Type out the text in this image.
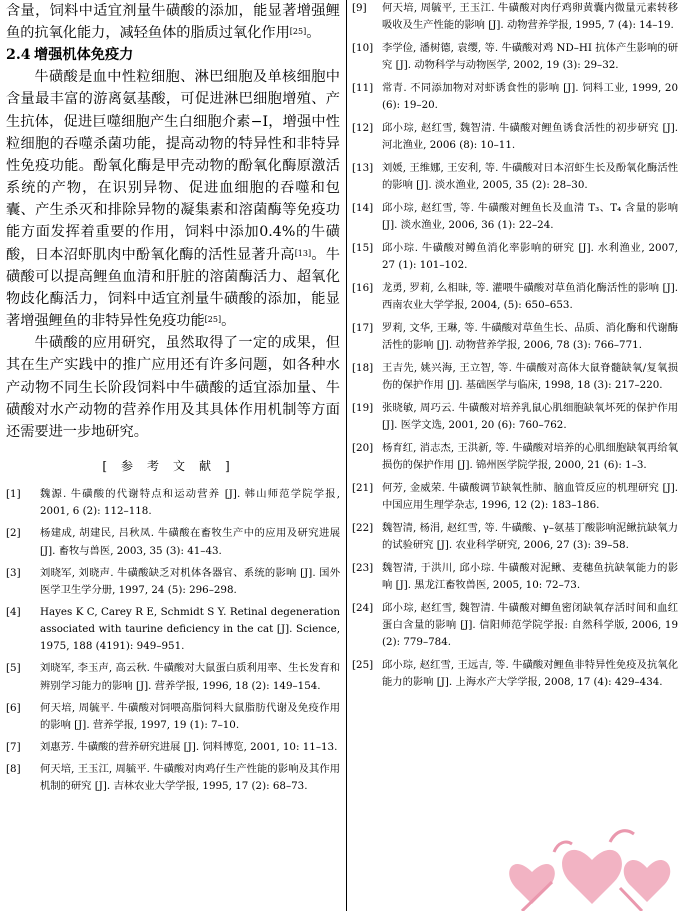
含量，饲料中适宜剂量牛磺酸的添加，能显著增强鲤鱼的抗氧化能力，减轻鱼体的脂质过氧化作用[25]。

2.4 增强机体免疫力

牛磺酸是血中性粒细胞、淋巴细胞及单核细胞中含量最丰富的游离氨基酸，可促进淋巴细胞增殖、产生抗体，促进巨噬细胞产生白细胞介素−I，增强中性粒细胞的吞噬杀菌功能，提高动物的特异性和非特异性免疫功能。酚氧化酶是甲壳动物的酚氧化酶原激活系统的产物，在识别异物、促进血细胞的吞噬和包囊、产生杀灭和排除异物的凝集素和溶菌酶等免疫功能方面发挥着重要的作用，饲料中添加0.4%的牛磺酸，日本沼虾肌肉中酚氧化酶的活性显著升高[13]。牛磺酸可以提高鲤鱼血清和肝脏的溶菌酶活力、超氧化物歧化酶活力，饲料中适宜剂量牛磺酸的添加，能显著增强鲤鱼的非特异性免疫功能[25]。

牛磺酸的应用研究，虽然取得了一定的成果，但其在生产实践中的推广应用还有许多问题，如各种水产动物不同生长阶段饲料中牛磺酸的适宜添加量、牛磺酸对水产动物的营养作用及其具体作用机制等方面还需要进一步地研究。

[参考文献]
[1]	魏源. 牛磺酸的代谢特点和运动营养 [J]. 韩山师范学院学报, 2001, 6 (2): 112–118.
[2]	杨建成, 胡建民, 吕秋凤. 牛磺酸在畜牧生产中的应用及研究进展 [J]. 畜牧与兽医, 2003, 35 (3): 41–43.
[3]	刘晓军, 刘晓声. 牛磺酸缺乏对机体各器官、系统的影响 [J]. 国外医学卫生学分册, 1997, 24 (5): 296–298.
[4]	Hayes K C, Carey R E, Schmidt S Y. Retinal degeneration associated with taurine deficiency in the cat [J]. Science, 1975, 188 (4191): 949–951.
[5]	刘晓军, 李玉声, 高云秋. 牛磺酸对大鼠蛋白质利用率、生长发育和辨别学习能力的影响 [J]. 营养学报, 1996, 18 (2): 149–154.
[6]	何天培, 周毓平. 牛磺酸对饲喂高脂饲料大鼠脂肪代谢及免疫作用的影响 [J]. 营养学报, 1997, 19 (1): 7–10.
[7]	刘惠芳. 牛磺酸的营养研究进展 [J]. 饲料博览, 2001, 10: 11–13.
[8]	何天培, 王玉江, 周毓平. 牛磺酸对肉鸡仔生产性能的影响及其作用机制的研究 [J]. 吉林农业大学学报, 1995, 17 (2): 68–73.
[9]	何天培, 周毓平, 王玉江. 牛磺酸对肉仔鸡卵黄囊内微量元素转移吸收及生产性能的影响 [J]. 动物营养学报, 1995, 7 (4): 14–19.
[10] 李学俭, 潘树德, 袁缨, 等. 牛磺酸对鸡 ND–HI 抗体产生影响的研究 [J]. 动物科学与动物医学, 2002, 19 (3): 29–32.
[11] 常青. 不同添加物对对虾诱食性的影响 [J]. 饲料工业, 1999, 20 (6): 19–20.
[12] 邱小琮, 赵红雪, 魏智清. 牛磺酸对鲤鱼诱食活性的初步研究 [J]. 河北渔业, 2006 (8): 10–11.
[13] 刘媛, 王维娜, 王安利, 等. 牛磺酸对日本沼虾生长及酚氧化酶活性的影响 [J]. 淡水渔业, 2005, 35 (2): 28–30.
[14] 邱小琮, 赵红雪, 等. 牛磺酸对鲤鱼长及血清 T₃、T₄ 含量的影响 [J]. 淡水渔业, 2006, 36 (1): 22–24.
[15] 邱小琮. 牛磺酸对鳟鱼消化率影响的研究 [J]. 水利渔业, 2007, 27 (1): 101–102.
[16] 龙勇, 罗莉, 么相昧, 等. 灌喂牛磺酸对草鱼消化酶活性的影响 [J]. 西南农业大学学报, 2004, (5): 650–653.
[17] 罗莉, 文华, 王琳, 等. 牛磺酸对草鱼生长、品质、消化酶和代谢酶活性的影响 [J]. 动物营养学报, 2006, 78 (3): 766–771.
[18] 王吉先, 姚兴海, 王立智, 等. 牛磺酸对高体大鼠脊髓缺氧/复氧损伤的保护作用 [J]. 基础医学与临床, 1998, 18 (3): 217–220.
[19] 张晓敏, 周巧云. 牛磺酸对培养乳鼠心肌细胞缺氧坏死的保护作用 [J]. 医学文选, 2001, 20 (6): 760–762.
[20] 杨育红, 消志杰, 王洪新, 等. 牛磺酸对培养的心肌细胞缺氧再给氧损伤的保护作用 [J]. 锦州医学院学报, 2000, 21 (6): 1–3.
[21] 何芳, 金威荣. 牛磺酸调节缺氧性肺、脑血管反应的机理研究 [J]. 中国应用生理学杂志, 1996, 12 (2): 183–186.
[22] 魏智清, 杨涓, 赵红雪, 等. 牛磺酸、γ–氨基丁酸影响泥鳅抗缺氧力的试验研究 [J]. 农业科学研究, 2006, 27 (3): 39–58.
[23] 魏智清, 于洪川, 邱小琮. 牛磺酸对泥鳅、麦穗鱼抗缺氧能力的影响 [J]. 黑龙江畜牧兽医, 2005, 10: 72–73.
[24] 邱小琮, 赵红雪, 魏智清. 牛磺酸对鲫鱼密闭缺氧存活时间和血红蛋白含量的影响 [J]. 信阳师范学院学报: 自然科学版, 2006, 19 (2): 779–784.
[25] 邱小琮, 赵红雪, 王远吉, 等. 牛磺酸对鲤鱼非特异性免疫及抗氧化能力的影响 [J]. 上海水产大学学报, 2008, 17 (4): 429–434.
